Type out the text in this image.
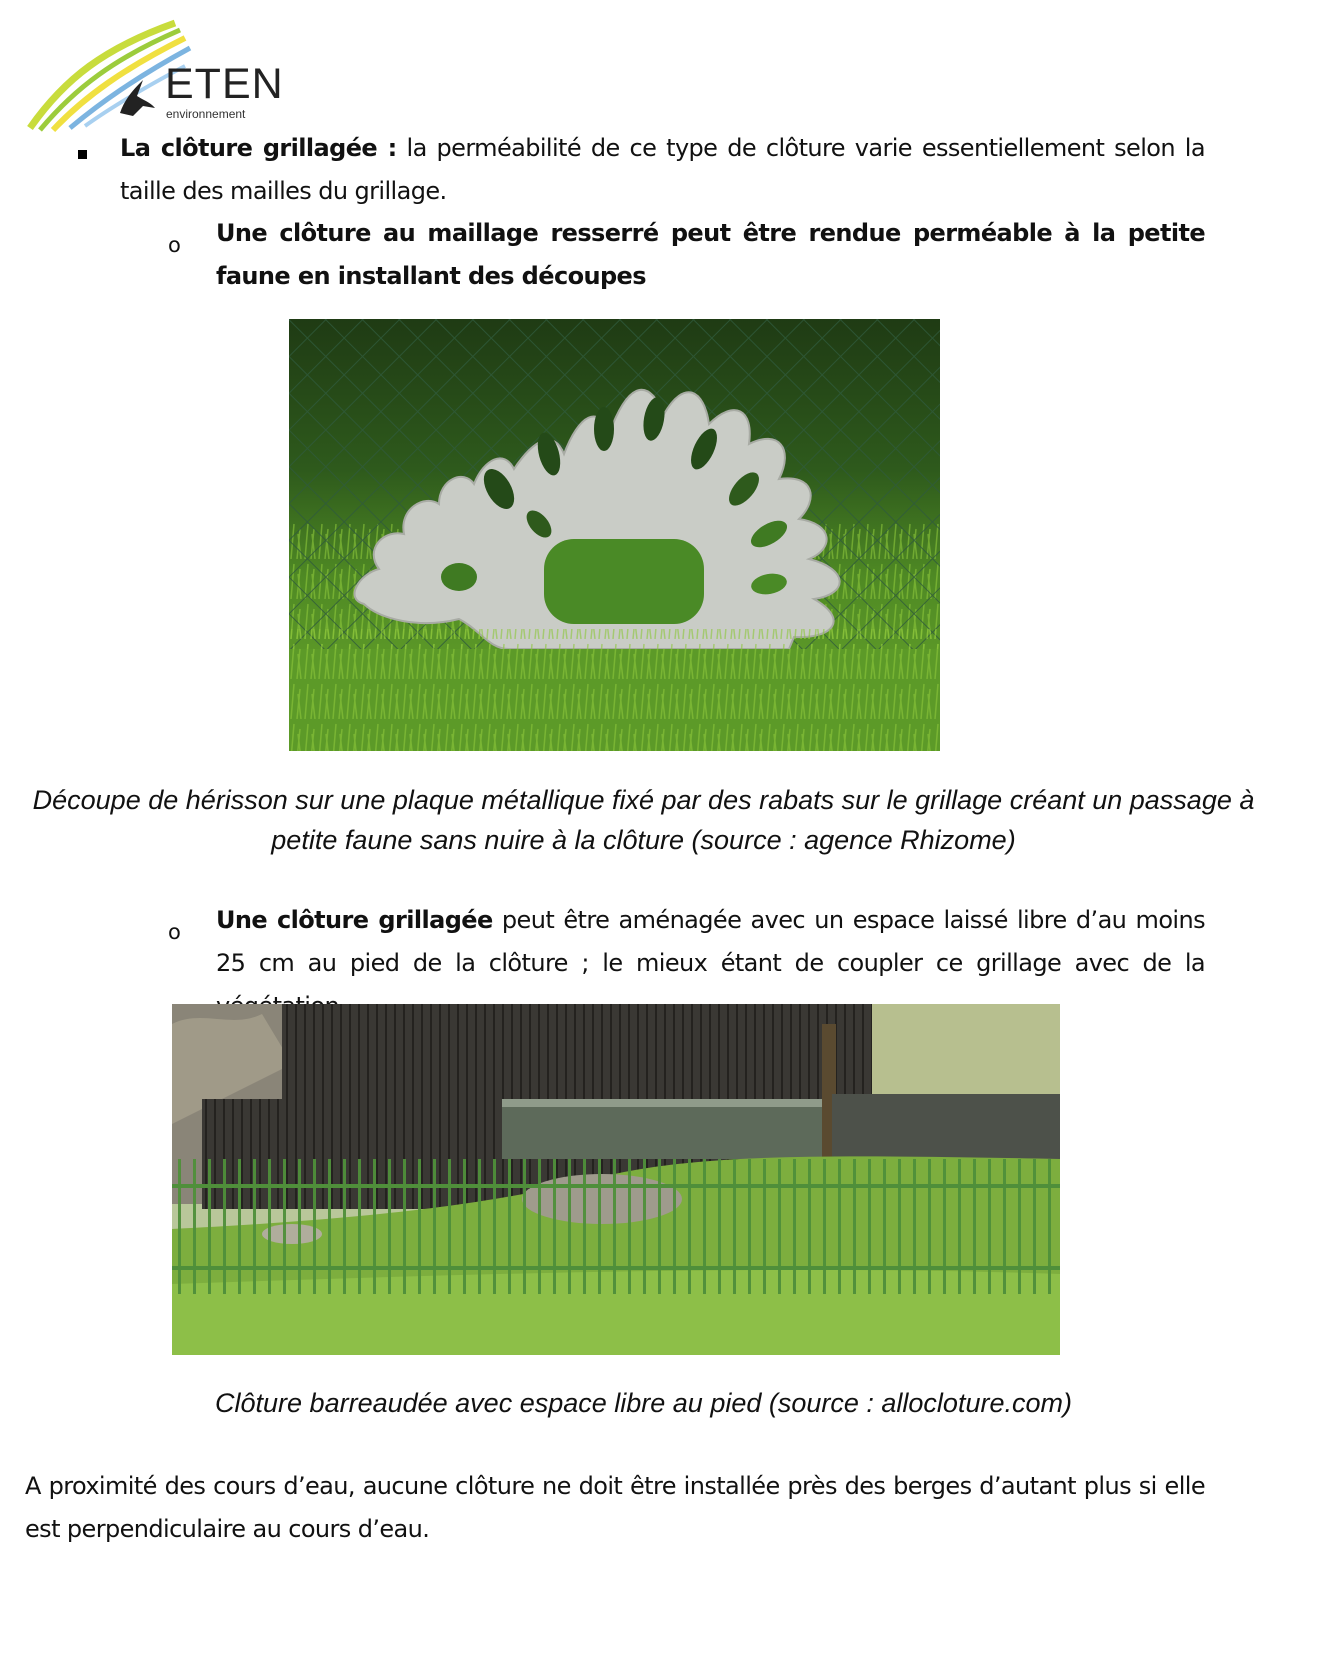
ETEN
environnement
La clôture grillagée : la perméabilité de ce type de clôture varie essentiellement selon la taille des mailles du grillage.
o Une clôture au maillage resserré peut être rendue perméable à la petite faune en installant des découpes
Découpe de hérisson sur une plaque métallique fixé par des rabats sur le grillage créant un passage à petite faune sans nuire à la clôture (source : agence Rhizome)
o Une clôture grillagée peut être aménagée avec un espace laissé libre d’au moins 25 cm au pied de la clôture ; le mieux étant de coupler ce grillage avec de la
Clôture barreaudée avec espace libre au pied (source : allocloture.com)
A proximité des cours d’eau, aucune clôture ne doit être installée près des berges d’autant plus si elle est perpendiculaire au cours d’eau.
